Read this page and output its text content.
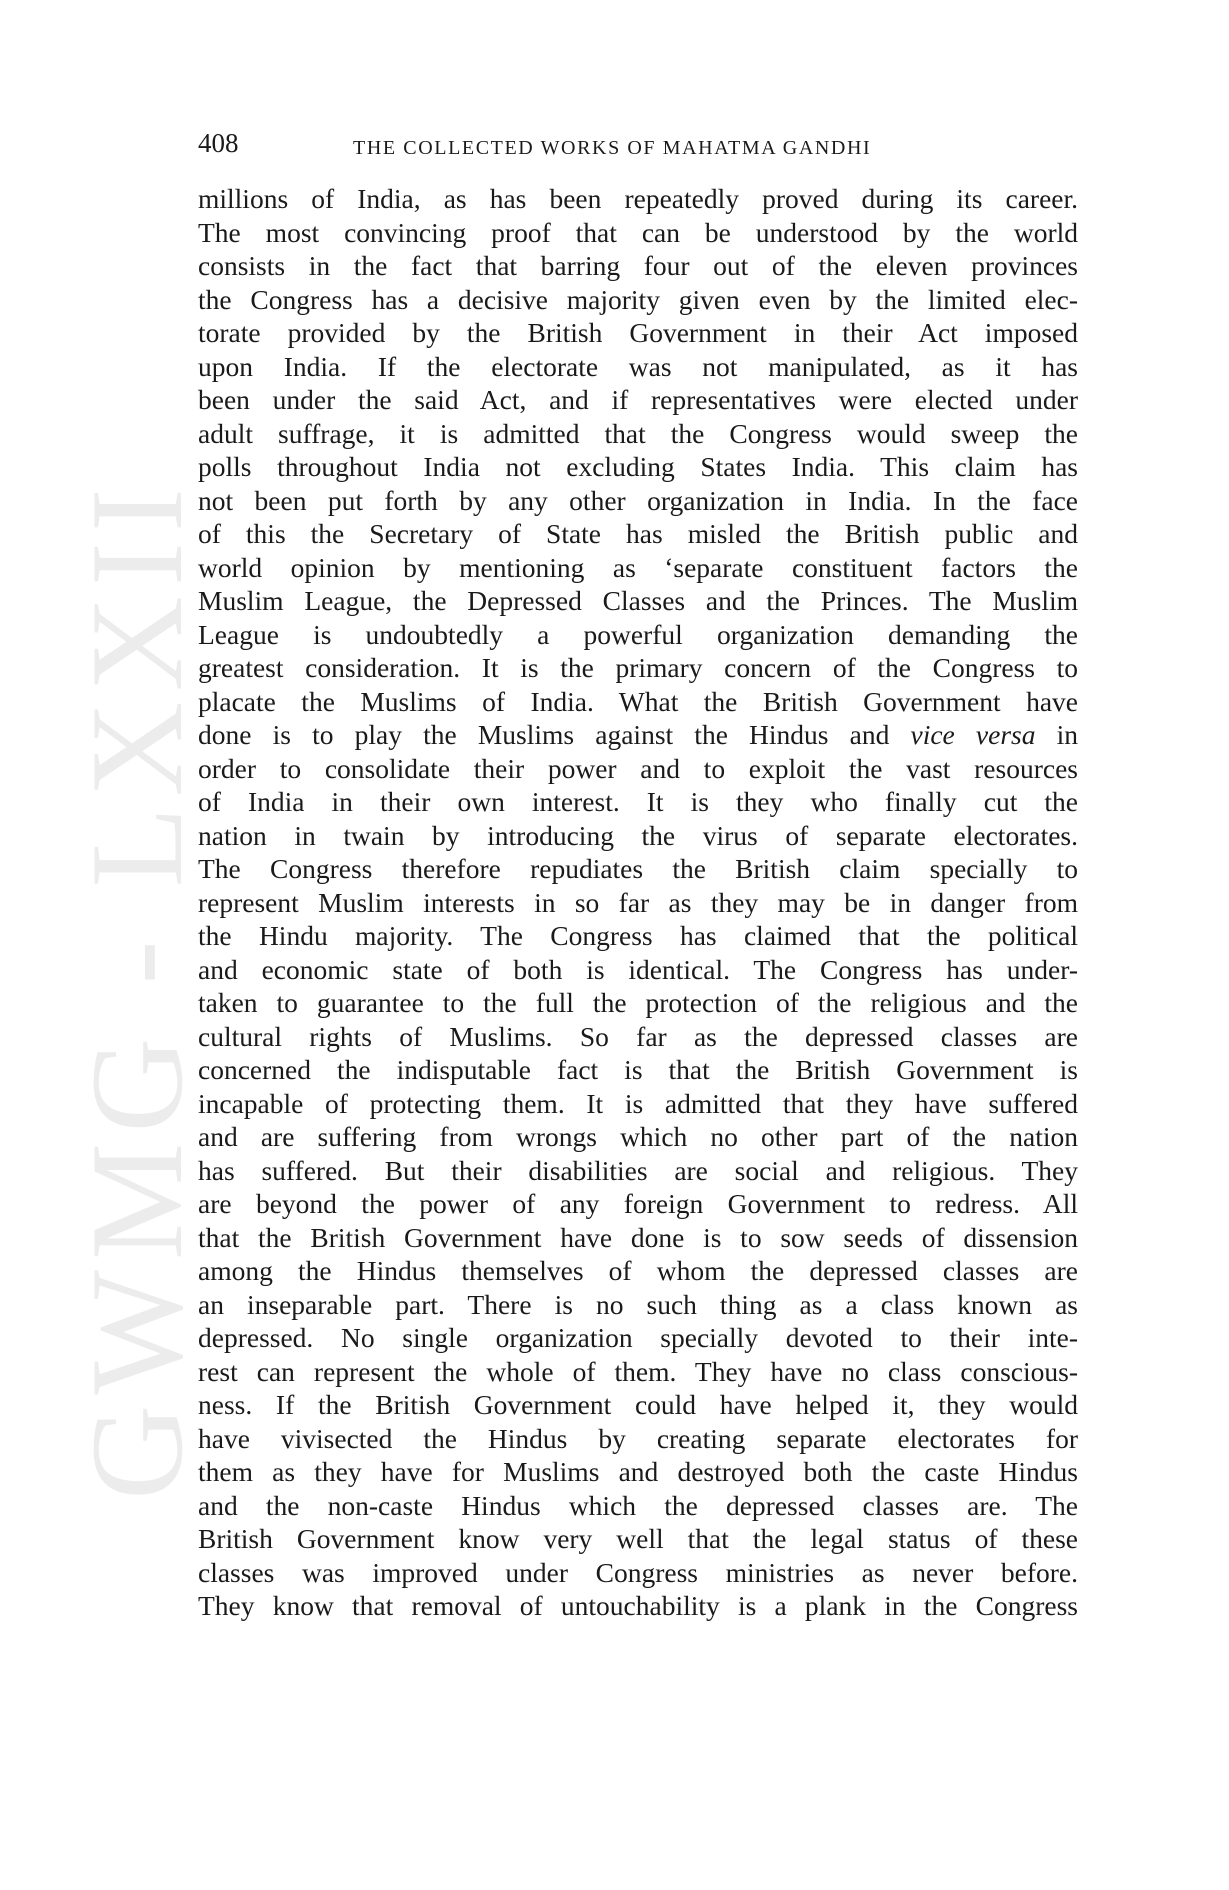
GWMG - LXXII
408	THE COLLECTED WORKS OF MAHATMA GANDHI
millions of India, as has been repeatedly proved during its career.
The most convincing proof that can be understood by the world
consists in the fact that barring four out of the eleven provinces
the Congress has a decisive majority given even by the limited elec-
torate provided by the British Government in their Act imposed
upon India. If the electorate was not manipulated, as it has
been under the said Act, and if representatives were elected under
adult suffrage, it is admitted that the Congress would sweep the
polls throughout India not excluding States India. This claim has
not been put forth by any other organization in India. In the face
of this the Secretary of State has misled the British public and
world opinion by mentioning as ‘separate constituent factors the
Muslim League, the Depressed Classes and the Princes. The Muslim
League is undoubtedly a powerful organization demanding the
greatest consideration. It is the primary concern of the Congress to
placate the Muslims of India. What the British Government have
done is to play the Muslims against the Hindus and vice versa in
order to consolidate their power and to exploit the vast resources
of India in their own interest. It is they who finally cut the
nation in twain by introducing the virus of separate electorates.
The Congress therefore repudiates the British claim specially to
represent Muslim interests in so far as they may be in danger from
the Hindu majority. The Congress has claimed that the political
and economic state of both is identical. The Congress has under-
taken to guarantee to the full the protection of the religious and the
cultural rights of Muslims. So far as the depressed classes are
concerned the indisputable fact is that the British Government is
incapable of protecting them. It is admitted that they have suffered
and are suffering from wrongs which no other part of the nation
has suffered. But their disabilities are social and religious. They
are beyond the power of any foreign Government to redress. All
that the British Government have done is to sow seeds of dissension
among the Hindus themselves of whom the depressed classes are
an inseparable part. There is no such thing as a class known as
depressed. No single organization specially devoted to their inte-
rest can represent the whole of them. They have no class conscious-
ness. If the British Government could have helped it, they would
have vivisected the Hindus by creating separate electorates for
them as they have for Muslims and destroyed both the caste Hindus
and the non-caste Hindus which the depressed classes are. The
British Government know very well that the legal status of these
classes was improved under Congress ministries as never before.
They know that removal of untouchability is a plank in the Congress
